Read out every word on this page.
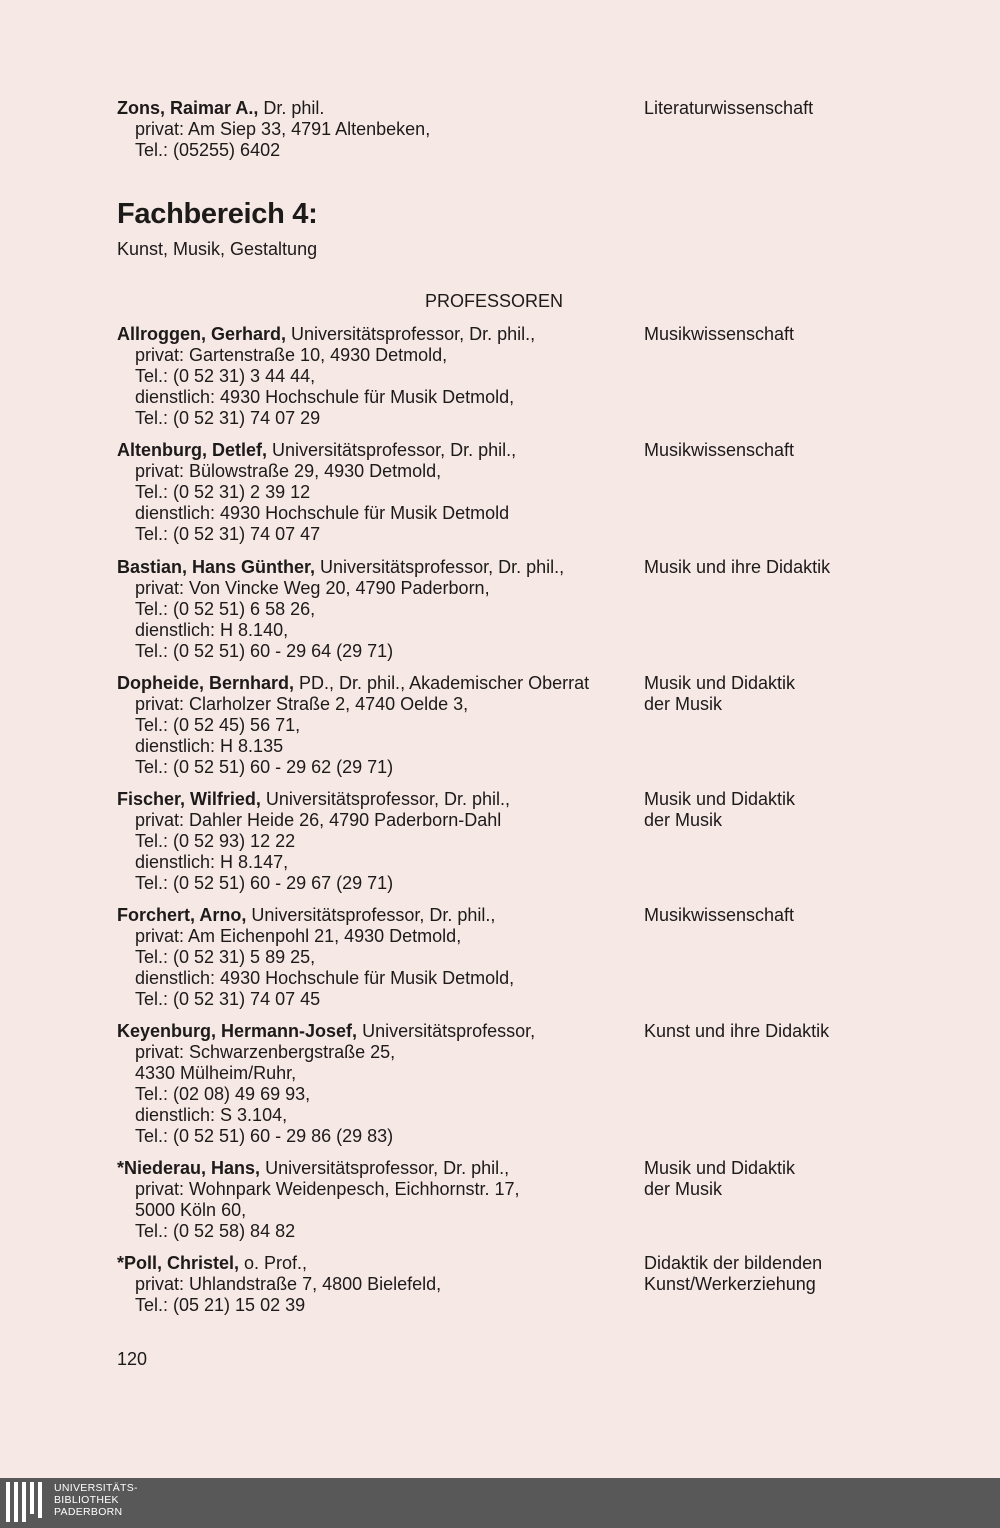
Zons, Raimar A., Dr. phil.
privat: Am Siep 33, 4791 Altenbeken,
Tel.: (05255) 6402
Literaturwissenschaft
Fachbereich 4:
Kunst, Musik, Gestaltung
PROFESSOREN
Allroggen, Gerhard, Universitätsprofessor, Dr. phil.,
privat: Gartenstraße 10, 4930 Detmold,
Tel.: (0 52 31) 3 44 44,
dienstlich: 4930 Hochschule für Musik Detmold,
Tel.: (0 52 31) 74 07 29
Musikwissenschaft
Altenburg, Detlef, Universitätsprofessor, Dr. phil.,
privat: Bülowstraße 29, 4930 Detmold,
Tel.: (0 52 31) 2 39 12
dienstlich: 4930 Hochschule für Musik Detmold
Tel.: (0 52 31) 74 07 47
Musikwissenschaft
Bastian, Hans Günther, Universitätsprofessor, Dr. phil.,
privat: Von Vincke Weg 20, 4790 Paderborn,
Tel.: (0 52 51) 6 58 26,
dienstlich: H 8.140,
Tel.: (0 52 51) 60 - 29 64 (29 71)
Musik und ihre Didaktik
Dopheide, Bernhard, PD., Dr. phil., Akademischer Oberrat
privat: Clarholzer Straße 2, 4740 Oelde 3,
Tel.: (0 52 45) 56 71,
dienstlich: H 8.135
Tel.: (0 52 51) 60 - 29 62 (29 71)
Musik und Didaktik
der Musik
Fischer, Wilfried, Universitätsprofessor, Dr. phil.,
privat: Dahler Heide 26, 4790 Paderborn-Dahl
Tel.: (0 52 93) 12 22
dienstlich: H 8.147,
Tel.: (0 52 51) 60 - 29 67 (29 71)
Musik und Didaktik
der Musik
Forchert, Arno, Universitätsprofessor, Dr. phil.,
privat: Am Eichenpohl 21, 4930 Detmold,
Tel.: (0 52 31) 5 89 25,
dienstlich: 4930 Hochschule für Musik Detmold,
Tel.: (0 52 31) 74 07 45
Musikwissenschaft
Keyenburg, Hermann-Josef, Universitätsprofessor,
privat: Schwarzenbergstraße 25,
4330 Mülheim/Ruhr,
Tel.: (02 08) 49 69 93,
dienstlich: S 3.104,
Tel.: (0 52 51) 60 - 29 86 (29 83)
Kunst und ihre Didaktik
*Niederau, Hans, Universitätsprofessor, Dr. phil.,
privat: Wohnpark Weidenpesch, Eichhornstr. 17,
5000 Köln 60,
Tel.: (0 52 58) 84 82
Musik und Didaktik
der Musik
*Poll, Christel, o. Prof.,
privat: Uhlandstraße 7, 4800 Bielefeld,
Tel.: (05 21) 15 02 39
Didaktik der bildenden
Kunst/Werkerziehung
120
UNIVERSITÄTS-
BIBLIOTHEK
PADERBORN
